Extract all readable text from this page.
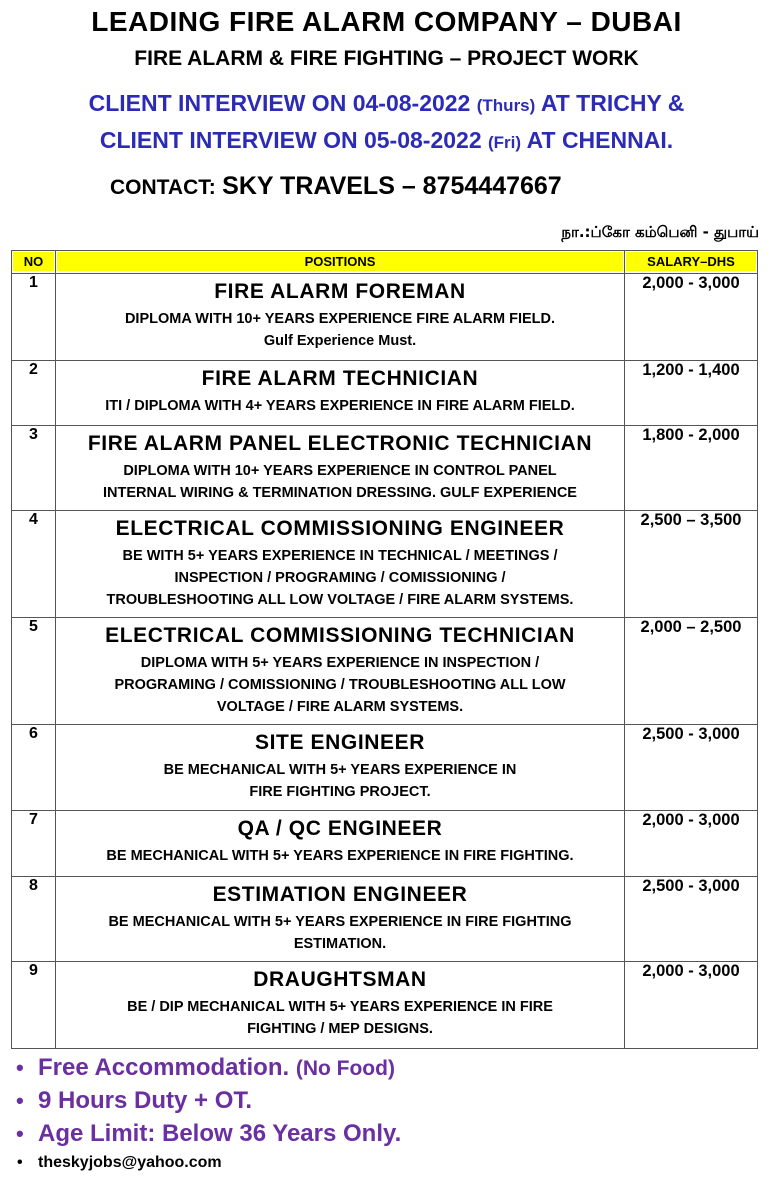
LEADING FIRE ALARM COMPANY – DUBAI
FIRE ALARM & FIRE FIGHTING – PROJECT WORK
CLIENT INTERVIEW ON 04-08-2022 (Thurs) AT TRICHY &
CLIENT INTERVIEW ON 05-08-2022 (Fri) AT CHENNAI.
CONTACT: SKY TRAVELS – 8754447667
நா.:ப்கோ கம்பெனி - துபாய்
NO	POSITIONS	SALARY–DHS

1	FIRE ALARM FOREMAN
DIPLOMA WITH 10+ YEARS EXPERIENCE FIRE ALARM FIELD.
Gulf Experience Must.	2,000 - 3,000
2	FIRE ALARM TECHNICIAN
ITI / DIPLOMA WITH 4+ YEARS EXPERIENCE IN FIRE ALARM FIELD.	1,200 - 1,400
3	FIRE ALARM PANEL ELECTRONIC TECHNICIAN
DIPLOMA WITH 10+ YEARS EXPERIENCE IN CONTROL PANEL
INTERNAL WIRING & TERMINATION DRESSING. GULF EXPERIENCE	1,800 - 2,000
4	ELECTRICAL COMMISSIONING ENGINEER
BE WITH 5+ YEARS EXPERIENCE IN TECHNICAL / MEETINGS /
INSPECTION / PROGRAMING / COMISSIONING /
TROUBLESHOOTING ALL LOW VOLTAGE / FIRE ALARM SYSTEMS.	2,500 – 3,500
5	ELECTRICAL COMMISSIONING TECHNICIAN
DIPLOMA WITH 5+ YEARS EXPERIENCE IN INSPECTION /
PROGRAMING / COMISSIONING / TROUBLESHOOTING ALL LOW
VOLTAGE / FIRE ALARM SYSTEMS.	2,000 – 2,500
6	SITE ENGINEER
BE MECHANICAL WITH 5+ YEARS EXPERIENCE IN
FIRE FIGHTING PROJECT.	2,500 - 3,000
7	QA / QC ENGINEER
BE MECHANICAL WITH 5+ YEARS EXPERIENCE IN FIRE FIGHTING.	2,000 - 3,000
8	ESTIMATION ENGINEER
BE MECHANICAL WITH 5+ YEARS EXPERIENCE IN FIRE FIGHTING
ESTIMATION.	2,500 - 3,000
9	DRAUGHTSMAN
BE / DIP MECHANICAL WITH 5+ YEARS EXPERIENCE IN FIRE
FIGHTING / MEP DESIGNS.	2,000 - 3,000
• Free Accommodation. (No Food)
• 9 Hours Duty + OT.
• Age Limit: Below 36 Years Only.
• theskyjobs@yahoo.com
